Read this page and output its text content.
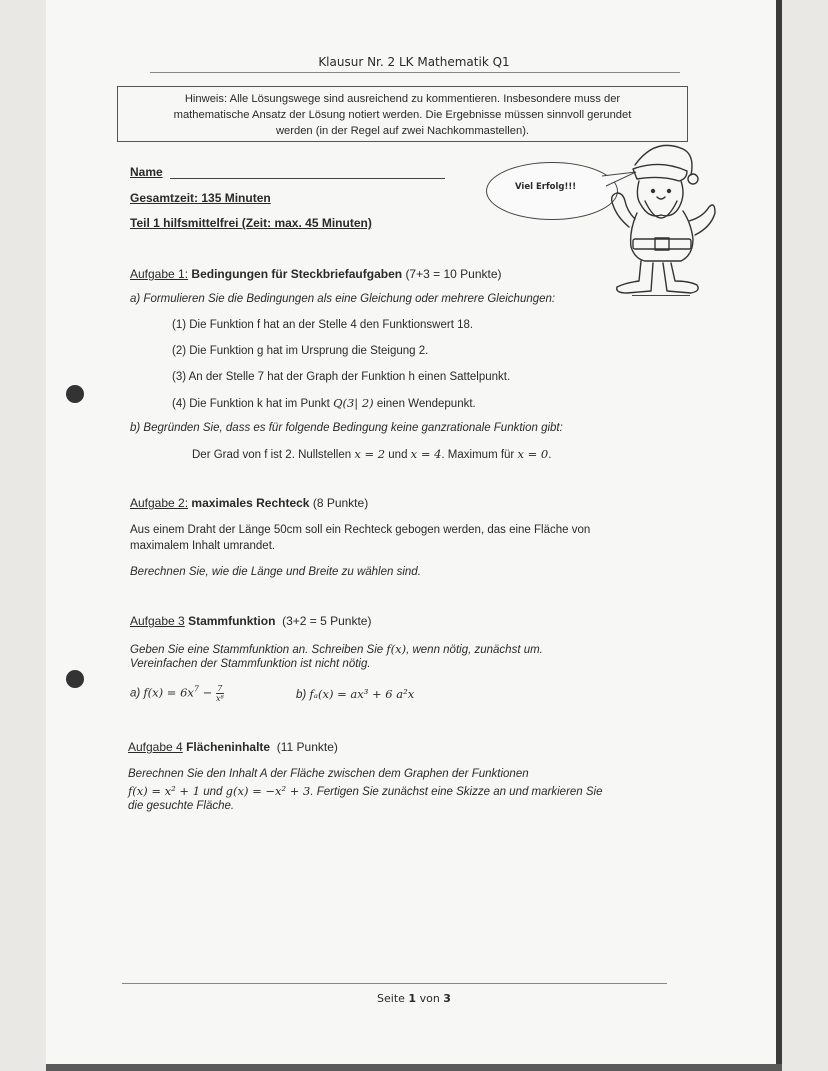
Klausur Nr. 2 LK Mathematik Q1
Hinweis: Alle Lösungswege sind ausreichend zu kommentieren. Insbesondere muss der
mathematische Ansatz der Lösung notiert werden. Die Ergebnisse müssen sinnvoll gerundet
werden (in der Regel auf zwei Nachkommastellen).
Name
Gesamtzeit: 135 Minuten
Teil 1 hilfsmittelfrei (Zeit: max. 45 Minuten)
Viel Erfolg!!!
Aufgabe 1: Bedingungen für Steckbriefaufgaben (7+3 = 10 Punkte)
a) Formulieren Sie die Bedingungen als eine Gleichung oder mehrere Gleichungen:
(1) Die Funktion f hat an der Stelle 4 den Funktionswert 18.
(2) Die Funktion g hat im Ursprung die Steigung 2.
(3) An der Stelle 7 hat der Graph der Funktion h einen Sattelpunkt.
(4) Die Funktion k hat im Punkt Q(3| 2) einen Wendepunkt.
b) Begründen Sie, dass es für folgende Bedingung keine ganzrationale Funktion gibt:
Der Grad von f ist 2. Nullstellen x = 2 und x = 4. Maximum für x = 0.
Aufgabe 2: maximales Rechteck (8 Punkte)
Aus einem Draht der Länge 50cm soll ein Rechteck gebogen werden, das eine Fläche von
maximalem Inhalt umrandet.
Berechnen Sie, wie die Länge und Breite zu wählen sind.
Aufgabe 3 Stammfunktion (3+2 = 5 Punkte)
Geben Sie eine Stammfunktion an. Schreiben Sie f(x), wenn nötig, zunächst um.
Vereinfachen der Stammfunktion ist nicht nötig.
a) $f(x) = 6x^7 - \frac{7}{\text{x⁸}}$	b) fₐ(x) = ax³ + 6 a²x
Aufgabe 4 Flächeninhalte (11 Punkte)
Berechnen Sie den Inhalt A der Fläche zwischen dem Graphen der Funktionen
f(x) = x² + 1 und g(x) = −x² + 3. Fertigen Sie zunächst eine Skizze an und markieren Sie
die gesuchte Fläche.
Seite 1 von 3
